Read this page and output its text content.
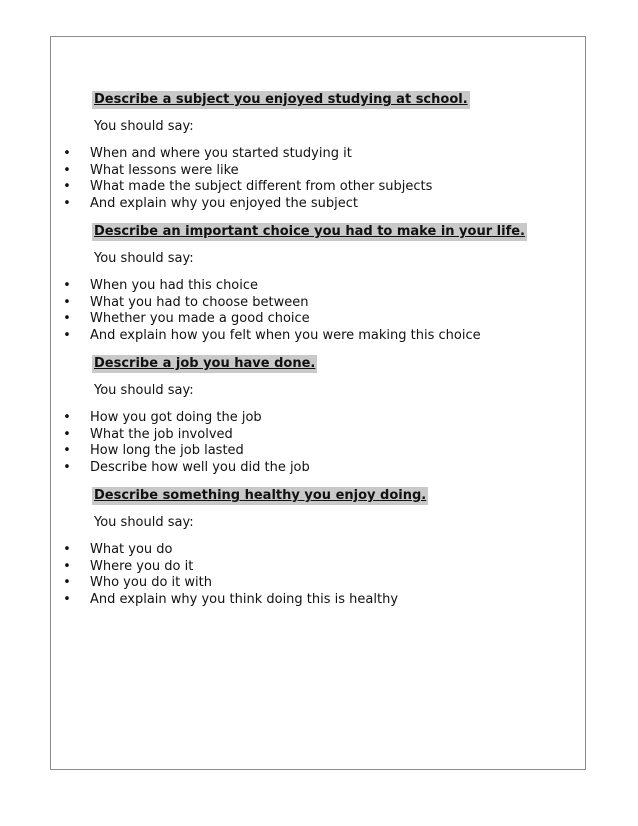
Describe a subject you enjoyed studying at school.
You should say:
• When and where you started studying it
• What lessons were like
• What made the subject different from other subjects
• And explain why you enjoyed the subject
Describe an important choice you had to make in your life.
You should say:
• When you had this choice
• What you had to choose between
• Whether you made a good choice
• And explain how you felt when you were making this choice
Describe a job you have done.
You should say:
• How you got doing the job
• What the job involved
• How long the job lasted
• Describe how well you did the job
Describe something healthy you enjoy doing.
You should say:
• What you do
• Where you do it
• Who you do it with
• And explain why you think doing this is healthy
